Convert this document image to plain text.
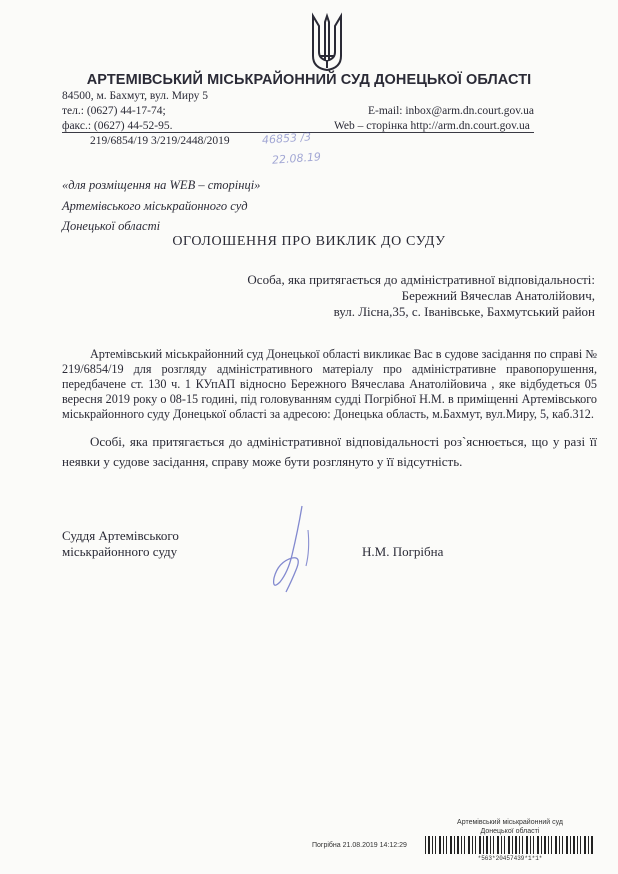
АРТЕМІВСЬКИЙ МІСЬКРАЙОННИЙ СУД ДОНЕЦЬКОЇ ОБЛАСТІ
84500, м. Бахмут, вул. Миру 5
тел.: (0627) 44-17-74;	E-mail: inbox@arm.dn.court.gov.ua
факс.: (0627) 44-52-95.	Web – сторінка http://arm.dn.court.gov.ua
219/6854/19 3/219/2448/2019	46853 /3
22.08.19
«для розміщення на WEB – сторінці»
Артемівського міськрайонного суд
Донецької області
ОГОЛОШЕННЯ ПРО ВИКЛИК ДО СУДУ
Особа, яка притягається до адміністративної відповідальності:
Бережний Вячеслав Анатолійович,
вул. Лісна,35, с. Іванівське, Бахмутський район
Артемівський міськрайонний суд Донецької області викликає Вас в судове засідання по справі № 219/6854/19 для розгляду адміністративного матеріалу про адміністративне правопорушення, передбачене ст. 130 ч. 1 КУпАП відносно Бережного Вячеслава Анатолійовича , яке відбудеться 05 вересня 2019 року о 08-15 годині, під головуванням судді Погрібної Н.М. в приміщенні Артемівського міськрайонного суду Донецької області за адресою: Донецька область, м.Бахмут, вул.Миру, 5, каб.312.
Особі, яка притягається до адміністративної відповідальності роз`яснюється, що у разі її неявки у судове засідання, справу може бути розглянуто у її відсутність.
Суддя Артемівського
міськрайонного суду	Н.М. Погрібна
Артемівський міськрайонний суд
Донецької області
Погрібна 21.08.2019 14:12:29
*563*20457439*1*1*
